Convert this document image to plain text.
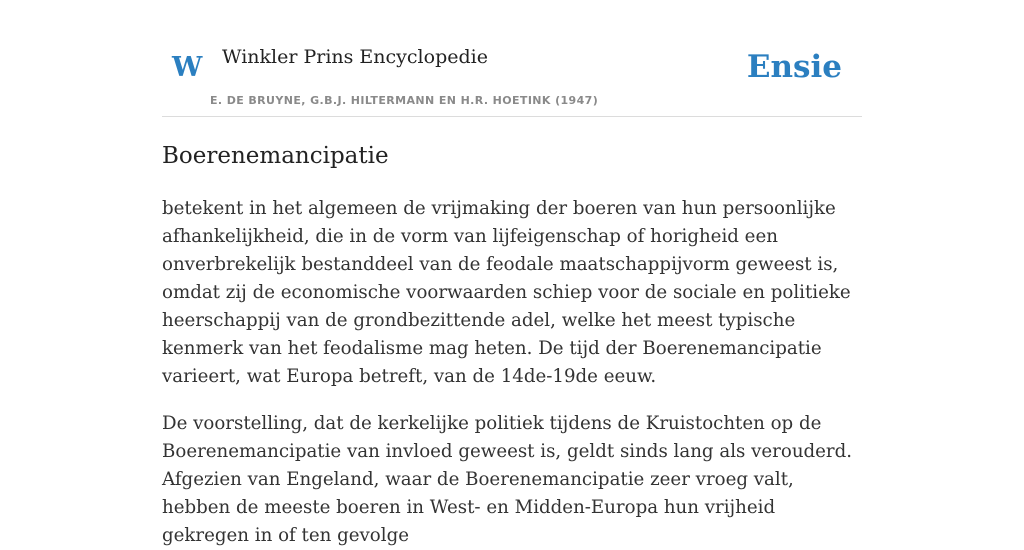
W Winkler Prins Encyclopedie
E. DE BRUYNE, G.B.J. HILTERMANN EN H.R. HOETINK (1947)
Ensie
Boerenemancipatie

betekent in het algemeen de vrijmaking der boeren van hun persoonlijke afhankelijkheid, die in de vorm van lijfeigenschap of horigheid een onverbrekelijk bestanddeel van de feodale maatschappijvorm geweest is, omdat zij de economische voorwaarden schiep voor de sociale en politieke heerschappij van de grondbezittende adel, welke het meest typische kenmerk van het feodalisme mag heten. De tijd der Boerenemancipatie varieert, wat Europa betreft, van de 14de-19de eeuw.

De voorstelling, dat de kerkelijke politiek tijdens de Kruistochten op de Boerenemancipatie van invloed geweest is, geldt sinds lang als verouderd. Afgezien van Engeland, waar de Boerenemancipatie zeer vroeg valt, hebben de meeste boeren in West- en Midden-Europa hun vrijheid gekregen in of ten gevolge
